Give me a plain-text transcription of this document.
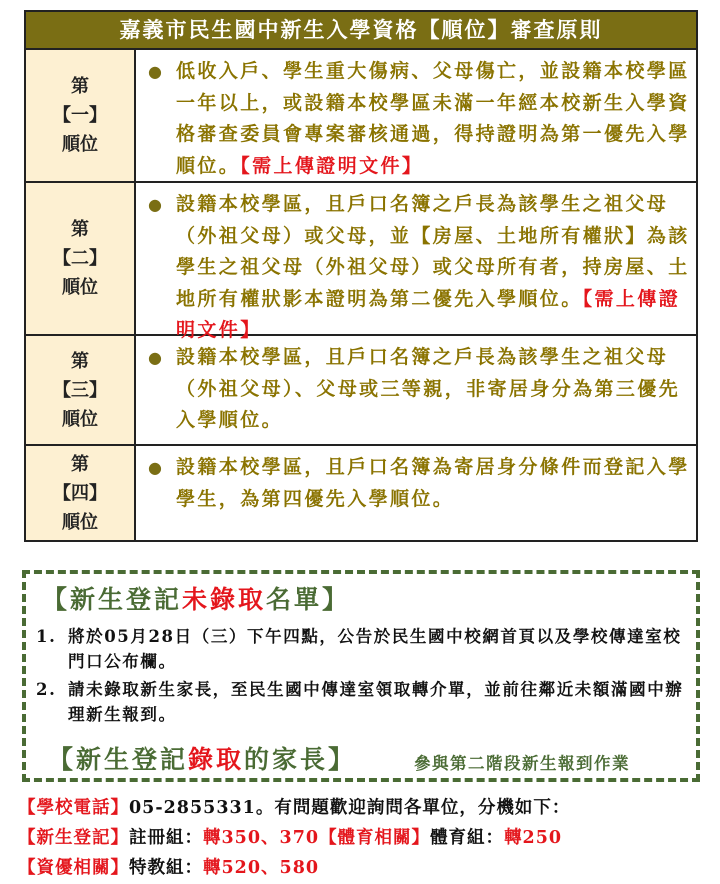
嘉義市民生國中新生入學資格【順位】審查原則
第
【一】
順位
● 低收入戶、學生重大傷病、父母傷亡，並設籍本校學區一年以上，或設籍本校學區未滿一年經本校新生入學資格審查委員會專案審核通過，得持證明為第一優先入學順位。【需上傳證明文件】
第
【二】
順位
● 設籍本校學區，且戶口名簿之戶長為該學生之祖父母（外祖父母）或父母，並【房屋、土地所有權狀】為該學生之祖父母（外祖父母）或父母所有者，持房屋、土地所有權狀影本證明為第二優先入學順位。【需上傳證明文件】
第
【三】
順位
● 設籍本校學區，且戶口名簿之戶長為該學生之祖父母（外祖父母）、父母或三等親，非寄居身分為第三優先入學順位。
第
【四】
順位
● 設籍本校學區，且戶口名簿為寄居身分條件而登記入學學生，為第四優先入學順位。
【新生登記未錄取名單】
1. 將於05月28日（三）下午四點，公告於民生國中校網首頁以及學校傳達室校門口公布欄。
2. 請未錄取新生家長，至民生國中傳達室領取轉介單，並前往鄰近未額滿國中辦理新生報到。
【新生登記錄取的家長】	參與第二階段新生報到作業
【學校電話】05-2855331。有問題歡迎詢問各單位，分機如下：
【新生登記】註冊組：轉350、370【體育相關】體育組：轉250
【資優相關】特教組：轉520、580
